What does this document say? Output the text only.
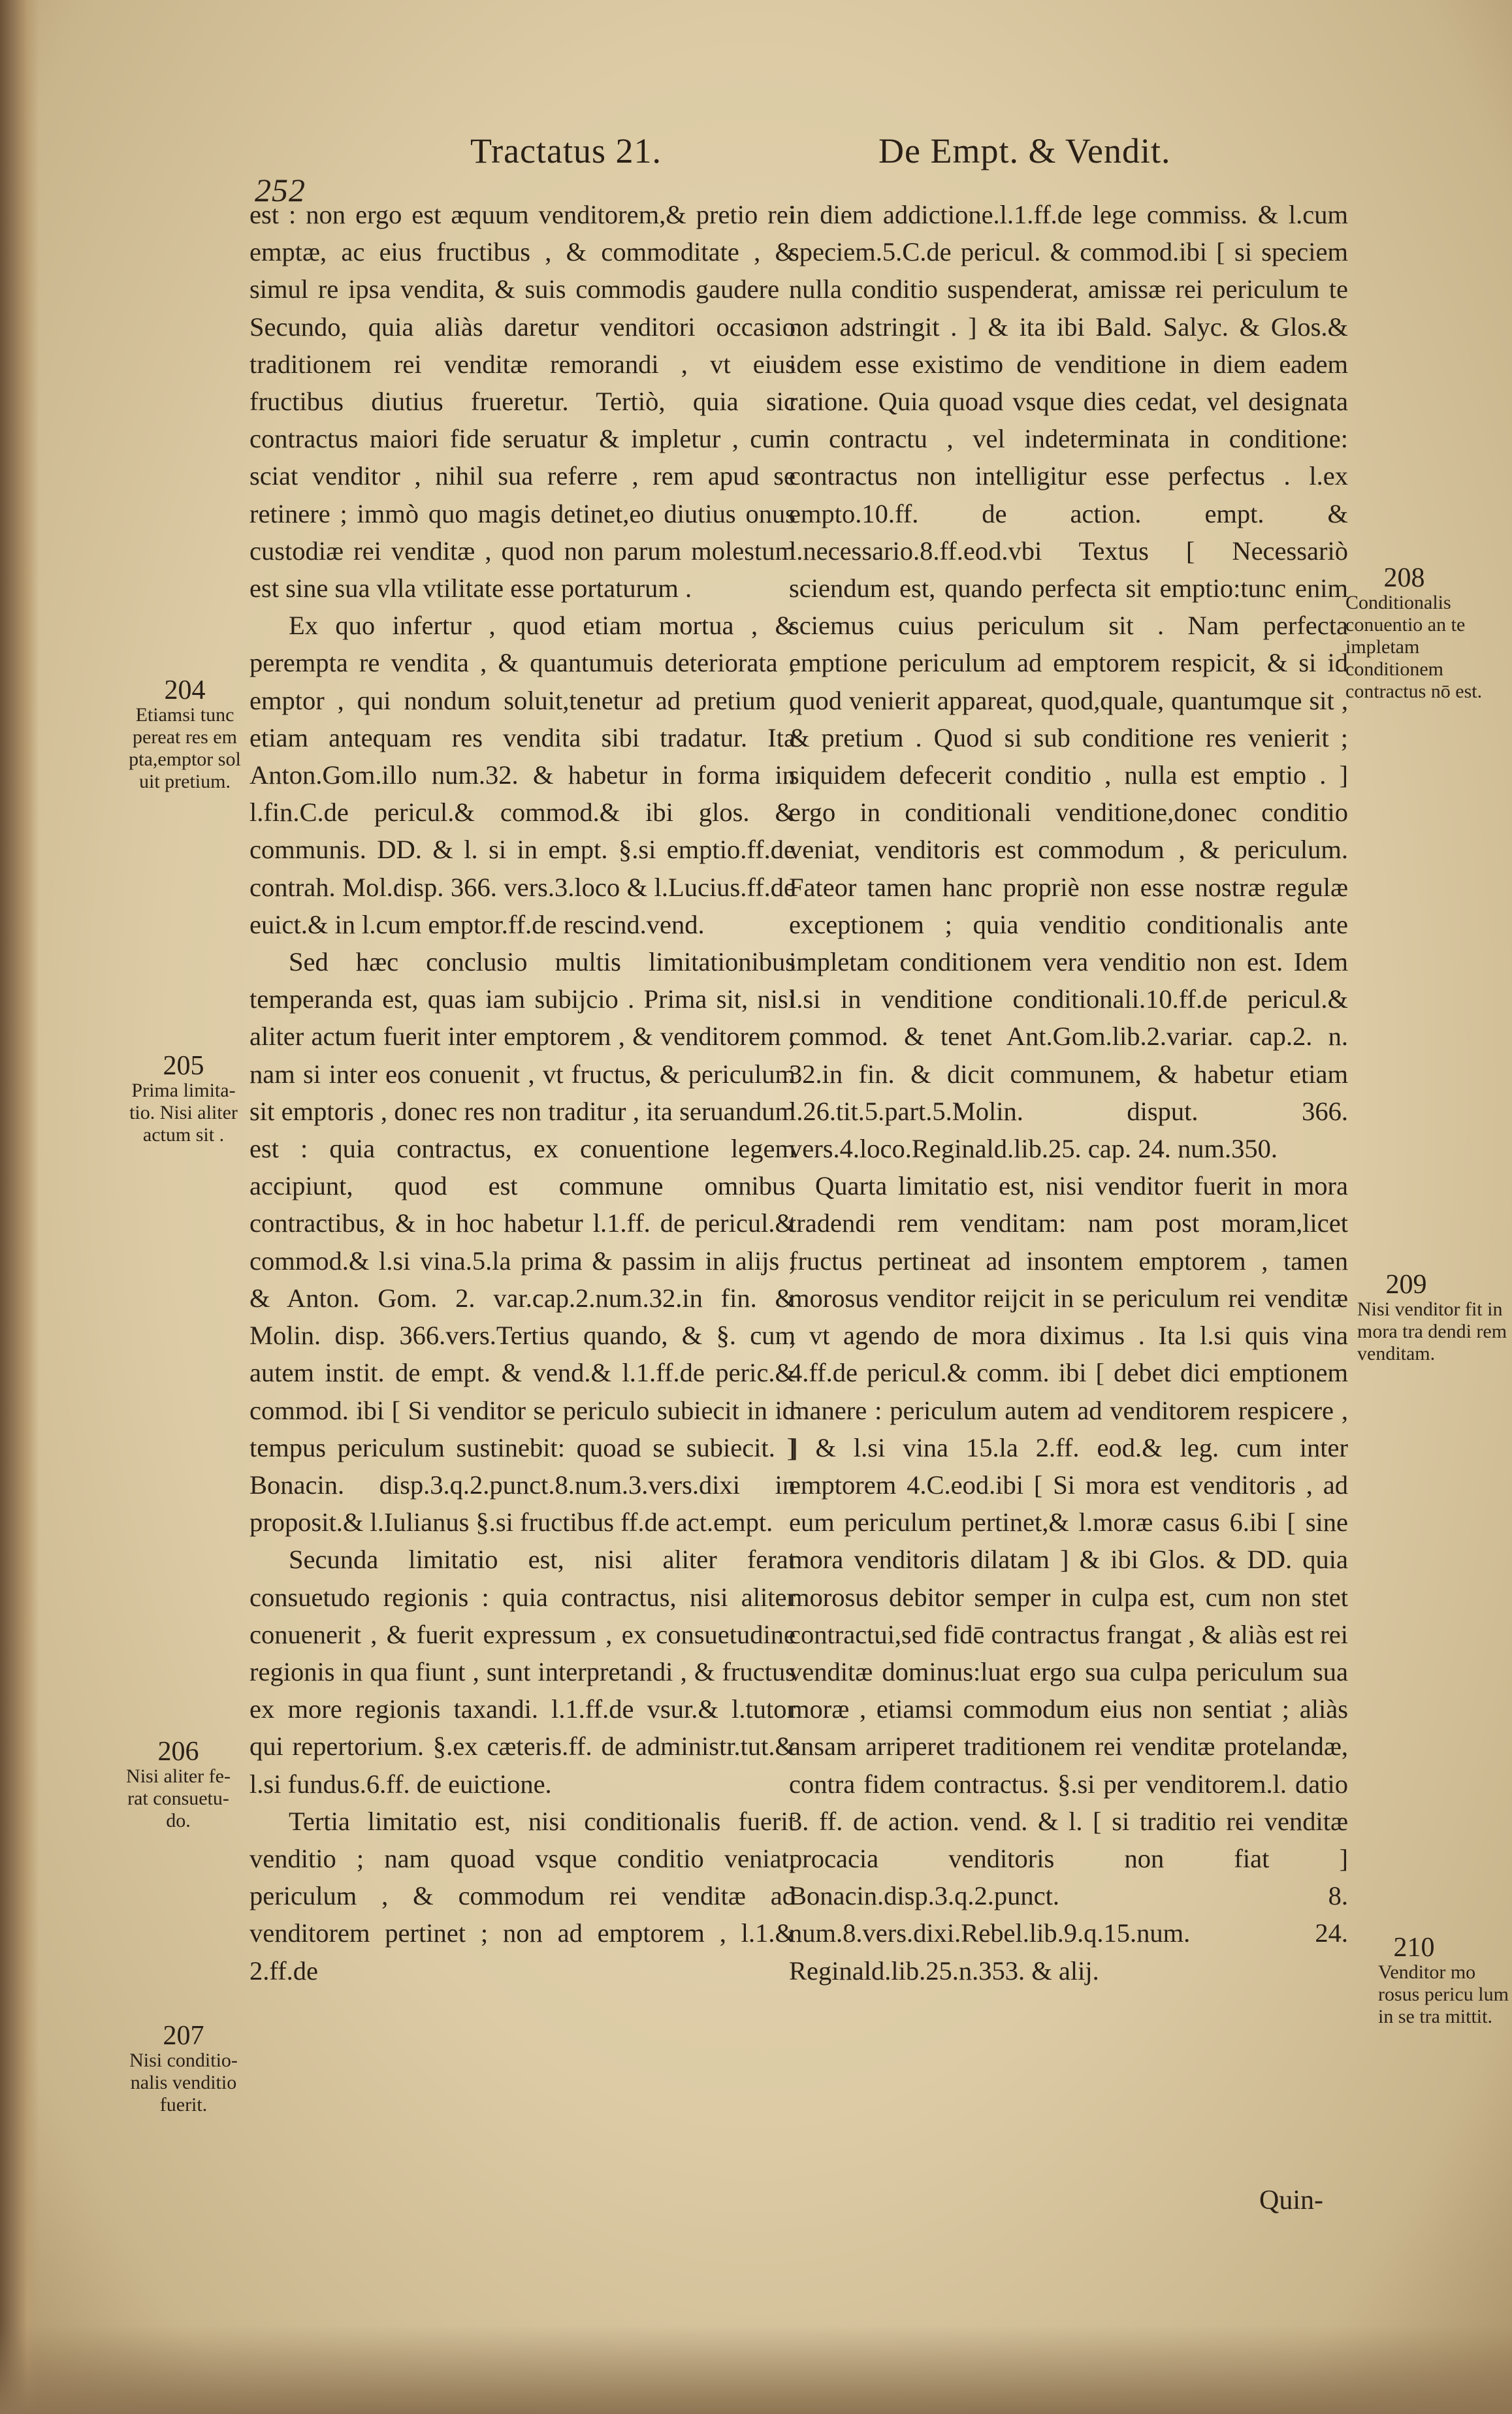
252
Tractatus 21.	De Empt. & Vendit.

est : non ergo est æquum venditorem,& pretio rei emptæ, ac eius fructibus , & commoditate , & simul re ipsa vendita, & suis commodis gaudere . Secundo, quia aliàs daretur venditori occasio traditionem rei venditæ remorandi , vt eius fructibus diutius frueretur. Tertiò, quia sic contractus maiori fide seruatur & impletur , cum sciat venditor , nihil sua referre , rem apud se retinere ; immò quo magis detinet,eo diutius onus custodiæ rei venditæ , quod non parum molestum est sine sua vlla vtilitate esse portaturum .

Ex quo infertur , quod etiam mortua , & perempta re vendita , & quantumuis deteriorata , emptor , qui nondum soluit,tenetur ad pretium , etiam antequam res vendita sibi tradatur. Ita Anton.Gom.illo num.32. & habetur in forma in l.fin.C.de pericul.& commod.& ibi glos. & communis. DD. & l. si in empt. §.si emptio.ff.de contrah. Mol.disp. 366. vers.3.loco & l.Lucius.ff.de euict.& in l.cum emptor.ff.de rescind.vend.

Sed hæc conclusio multis limitationibus temperanda est, quas iam subijcio . Prima sit, nisi aliter actum fuerit inter emptorem , & venditorem ; nam si inter eos conuenit , vt fructus, & periculum sit emptoris , donec res non traditur , ita seruandum est : quia contractus, ex conuentione legem accipiunt, quod est commune omnibus contractibus, & in hoc habetur l.1.ff. de pericul.& commod.& l.si vina.5.la prima & passim in alijs , & Anton. Gom. 2. var.cap.2.num.32.in fin. & Molin. disp. 366.vers.Tertius quando, & §. cum autem instit. de empt. & vend.& l.1.ff.de peric.& commod. ibi [ Si venditor se periculo subiecit in id tempus periculum sustinebit: quoad se subiecit. ] Bonacin. disp.3.q.2.punct.8.num.3.vers.dixi in proposit.& l.Iulianus §.si fructibus ff.de act.empt.

Secunda limitatio est, nisi aliter ferat consuetudo regionis : quia contractus, nisi aliter conuenerit , & fuerit expressum , ex consuetudine regionis in qua fiunt , sunt interpretandi , & fructus ex more regionis taxandi. l.1.ff.de vsur.& l.tutor qui repertorium. §.ex cæteris.ff. de administr.tut.& l.si fundus.6.ff. de euictione.

Tertia limitatio est, nisi conditionalis fuerit venditio ; nam quoad vsque conditio veniat, periculum , & commodum rei venditæ ad venditorem pertinet ; non ad emptorem , l.1.& 2.ff.de

in diem addictione.l.1.ff.de lege commiss. & l.cum speciem.5.C.de pericul. & commod.ibi [ si speciem nulla conditio suspenderat, amissæ rei periculum te non adstringit . ] & ita ibi Bald. Salyc. & Glos.& idem esse existimo de venditione in diem eadem ratione. Quia quoad vsque dies cedat, vel designata in contractu , vel indeterminata in conditione: contractus non intelligitur esse perfectus . l.ex empto.10.ff. de action. empt. & l.necessario.8.ff.eod.vbi Textus [ Necessariò sciendum est, quando perfecta sit emptio:tunc enim sciemus cuius periculum sit . Nam perfecta emptione periculum ad emptorem respicit, & si id quod venierit appareat, quod,quale, quantumque sit , & pretium . Quod si sub conditione res venierit ; siquidem defecerit conditio , nulla est emptio . ] ergo in conditionali venditione,donec conditio veniat, venditoris est commodum , & periculum. Fateor tamen hanc propriè non esse nostræ regulæ exceptionem ; quia venditio conditionalis ante impletam conditionem vera venditio non est. Idem l.si in venditione conditionali.10.ff.de pericul.& commod. & tenet Ant.Gom.lib.2.variar. cap.2. n. 32.in fin. & dicit communem, & habetur etiam l.26.tit.5.part.5.Molin. disput. 366. vers.4.loco.Reginald.lib.25. cap. 24. num.350.

Quarta limitatio est, nisi venditor fuerit in mora tradendi rem venditam: nam post moram,licet fructus pertineat ad insontem emptorem , tamen morosus venditor reijcit in se periculum rei venditæ , vt agendo de mora diximus . Ita l.si quis vina 4.ff.de pericul.& comm. ibi [ debet dici emptionem manere : periculum autem ad venditorem respicere , ] & l.si vina 15.la 2.ff. eod.& leg. cum inter emptorem 4.C.eod.ibi [ Si mora est venditoris , ad eum periculum pertinet,& l.moræ casus 6.ibi [ sine mora venditoris dilatam ] & ibi Glos. & DD. quia morosus debitor semper in culpa est, cum non stet contractui,sed fidē contractus frangat , & aliàs est rei venditæ dominus:luat ergo sua culpa periculum sua moræ , etiamsi commodum eius non sentiat ; aliàs ansam arriperet traditionem rei venditæ protelandæ, contra fidem contractus. §.si per venditorem.l. datio 3. ff. de action. vend. & l. [ si traditio rei venditæ procacia venditoris non fiat ] Bonacin.disp.3.q.2.punct. 8. num.8.vers.dixi.Rebel.lib.9.q.15.num. 24. Reginald.lib.25.n.353. & alij.

204
Etiamsi tunc pereat res em pta,emptor sol uit pretium.
205
Prima limita- tio. Nisi aliter actum sit .
206
Nisi aliter fe- rat consuetu- do.
207
Nisi conditio- nalis venditio fuerit.
208
Conditionalis conuentio an te impletam conditionem contractus nō est.
209
Nisi venditor fit in mora tra dendi rem venditam.
210
Venditor mo rosus pericu lum in se tra mittit.
Quin-
